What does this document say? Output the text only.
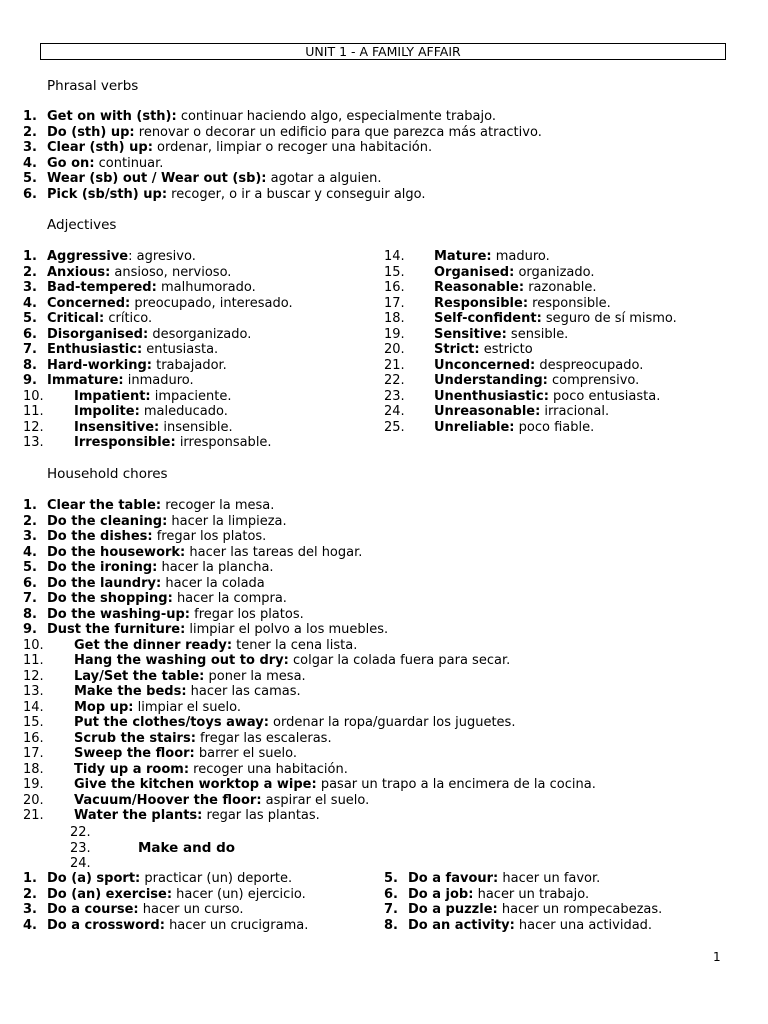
UNIT 1 - A FAMILY AFFAIR
Phrasal verbs
1. Get on with (sth): continuar haciendo algo, especialmente trabajo.
2. Do (sth) up: renovar o decorar un edificio para que parezca más atractivo.
3. Clear (sth) up: ordenar, limpiar o recoger una habitación.
4. Go on: continuar.
5. Wear (sb) out / Wear out (sb): agotar a alguien.
6. Pick (sb/sth) up: recoger, o ir a buscar y conseguir algo.
Adjectives
1. Aggressive: agresivo.
2. Anxious: ansioso, nervioso.
3. Bad-tempered: malhumorado.
4. Concerned: preocupado, interesado.
5. Critical: crítico.
6. Disorganised: desorganizado.
7. Enthusiastic: entusiasta.
8. Hard-working: trabajador.
9. Immature: inmaduro.
10. Impatient: impaciente.
11. Impolite: maleducado.
12. Insensitive: insensible.
13. Irresponsible: irresponsable.
14. Mature: maduro.
15. Organised: organizado.
16. Reasonable: razonable.
17. Responsible: responsible.
18. Self-confident: seguro de sí mismo.
19. Sensitive: sensible.
20. Strict: estricto
21. Unconcerned: despreocupado.
22. Understanding: comprensivo.
23. Unenthusiastic: poco entusiasta.
24. Unreasonable: irracional.
25. Unreliable: poco fiable.
Household chores
1. Clear the table: recoger la mesa.
2. Do the cleaning: hacer la limpieza.
3. Do the dishes: fregar los platos.
4. Do the housework: hacer las tareas del hogar.
5. Do the ironing: hacer la plancha.
6. Do the laundry: hacer la colada
7. Do the shopping: hacer la compra.
8. Do the washing-up: fregar los platos.
9. Dust the furniture: limpiar el polvo a los muebles.
10. Get the dinner ready: tener la cena lista.
11. Hang the washing out to dry: colgar la colada fuera para secar.
12. Lay/Set the table: poner la mesa.
13. Make the beds: hacer las camas.
14. Mop up: limpiar el suelo.
15. Put the clothes/toys away: ordenar la ropa/guardar los juguetes.
16. Scrub the stairs: fregar las escaleras.
17. Sweep the floor: barrer el suelo.
18. Tidy up a room: recoger una habitación.
19. Give the kitchen worktop a wipe: pasar un trapo a la encimera de la cocina.
20. Vacuum/Hoover the floor: aspirar el suelo.
21. Water the plants: regar las plantas.
22.
23.	Make and do
24.
1. Do (a) sport: practicar (un) deporte.
2. Do (an) exercise: hacer (un) ejercicio.
3. Do a course: hacer un curso.
4. Do a crossword: hacer un crucigrama.
5. Do a favour: hacer un favor.
6. Do a job: hacer un trabajo.
7. Do a puzzle: hacer un rompecabezas.
8. Do an activity: hacer una actividad.
1
